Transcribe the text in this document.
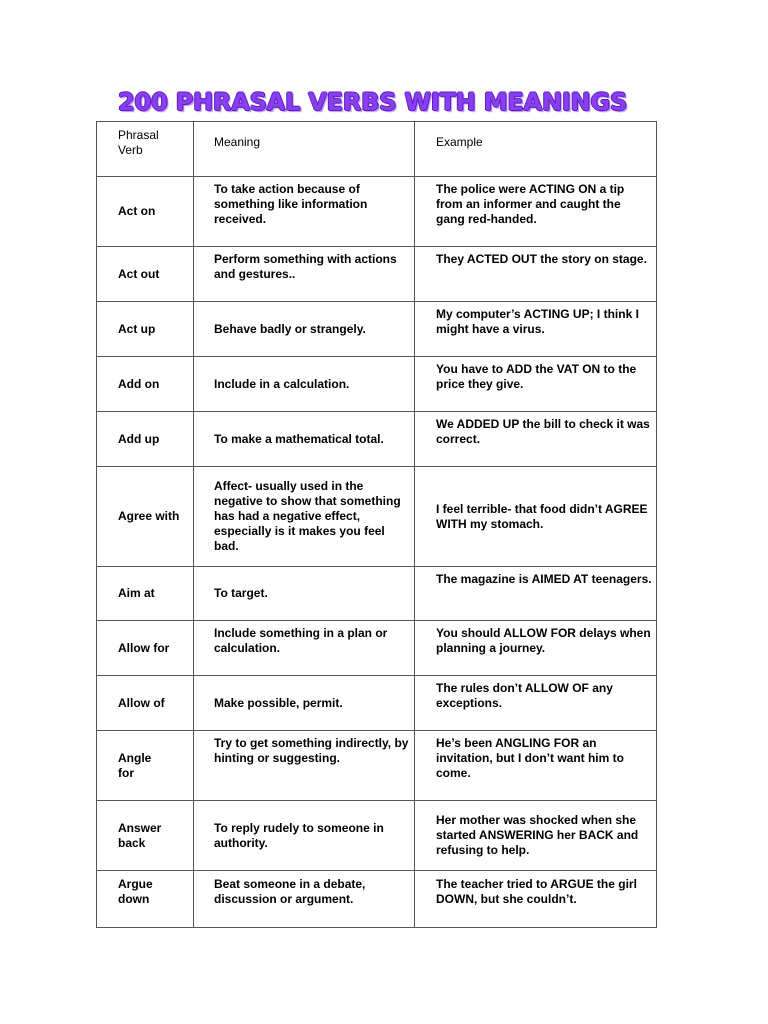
200 PHRASAL VERBS WITH MEANINGS
Phrasal Verb	Meaning	Example

Act on	To take action because of something like information received.	The police were ACTING ON a tip from an informer and caught the gang red-handed.
Act out	Perform something with actions and gestures..	They ACTED OUT the story on stage.
Act up	Behave badly or strangely.	My computer’s ACTING UP; I think I might have a virus.
Add on	Include in a calculation.	You have to ADD the VAT ON to the price they give.
Add up	To make a mathematical total.	We ADDED UP the bill to check it was correct.
Agree with	Affect- usually used in the negative to show that something has had a negative effect, especially is it makes you feel bad.	I feel terrible- that food didn’t AGREE WITH my stomach.
Aim at	To target.	The magazine is AIMED AT teenagers.
Allow for	Include something in a plan or calculation.	You should ALLOW FOR delays when planning a journey.
Allow of	Make possible, permit.	The rules don’t ALLOW OF any exceptions.

Angle for	Try to get something indirectly, by hinting or suggesting.	He’s been ANGLING FOR an invitation, but I don’t want him to come.

Answer back	To reply rudely to someone in authority.	Her mother was shocked when she started ANSWERING her BACK and refusing to help.

Argue down	Beat someone in a debate, discussion or argument.	The teacher tried to ARGUE the girl DOWN, but she couldn’t.
